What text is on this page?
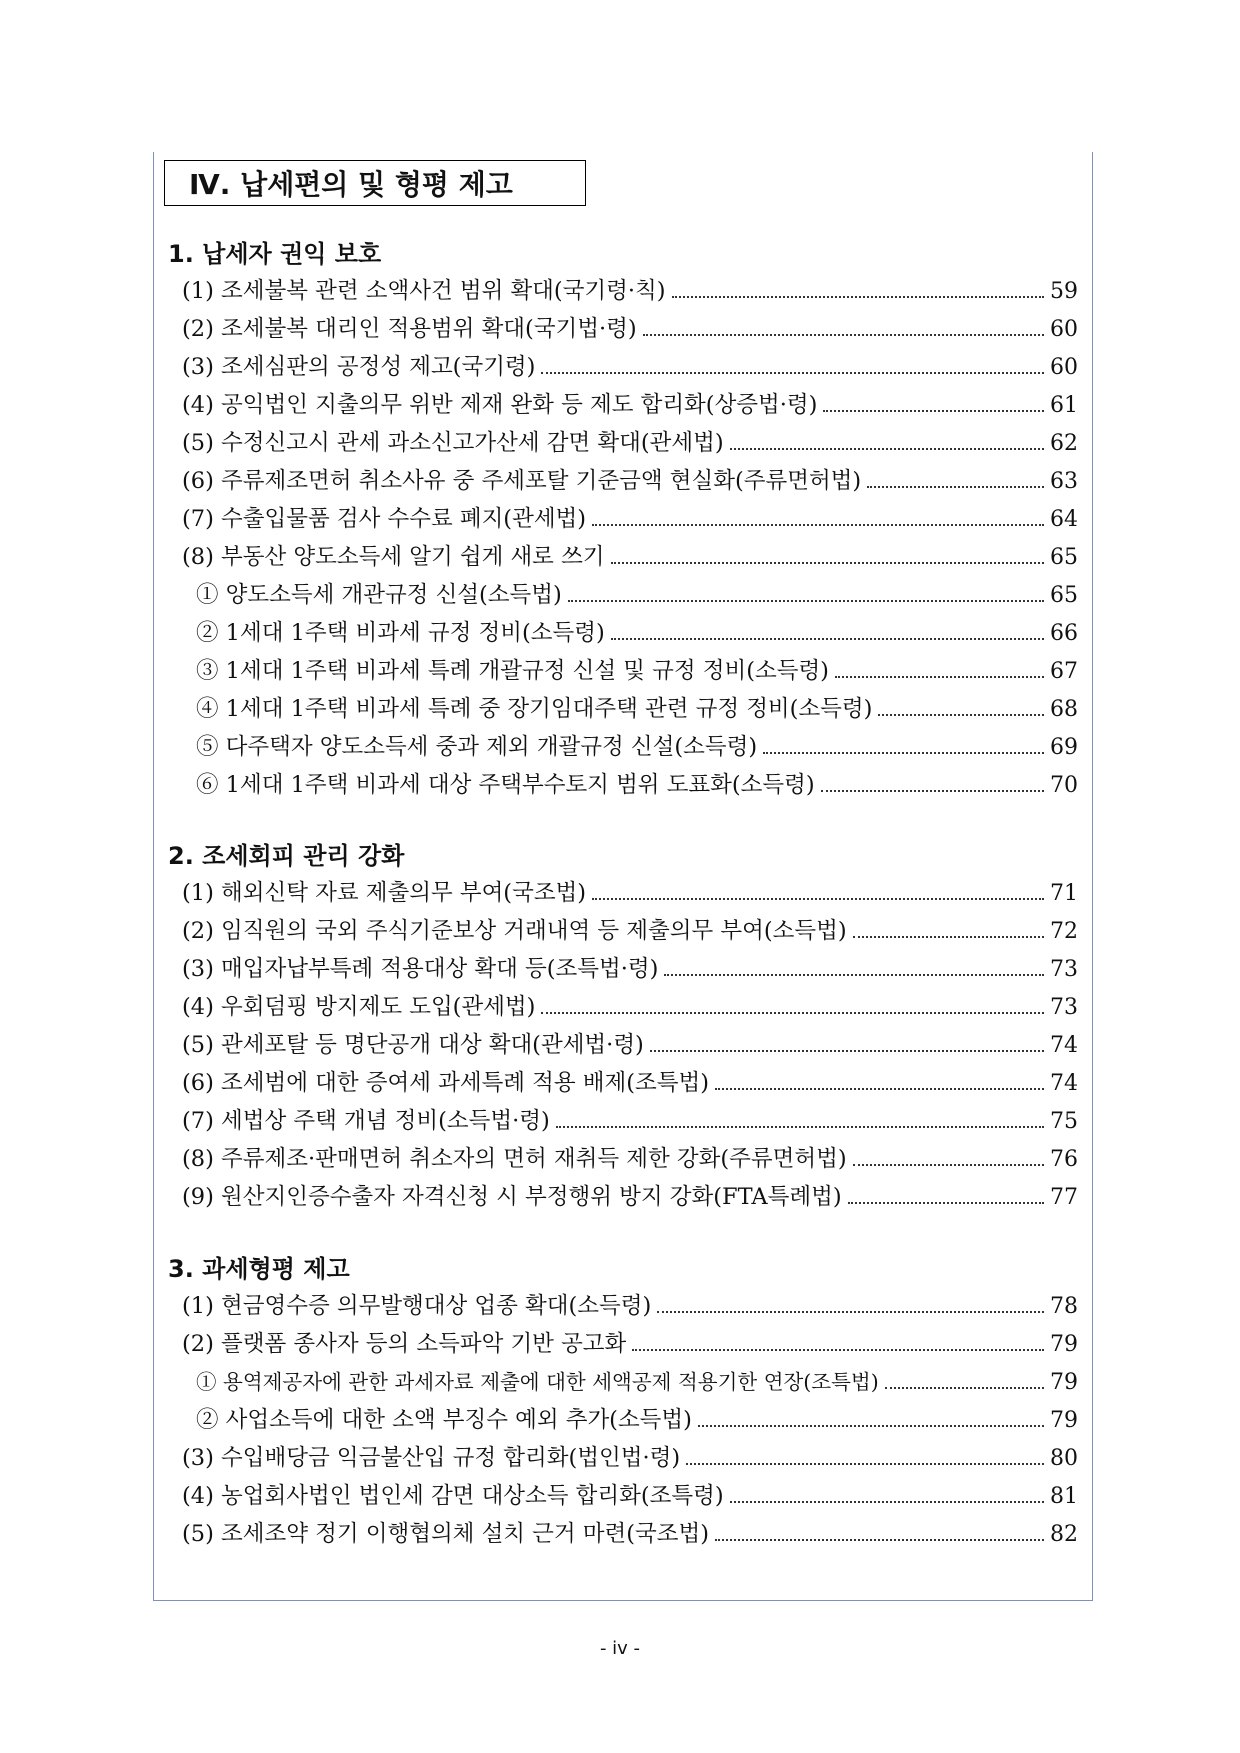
Ⅳ. 납세편의 및 형평 제고
1. 납세자 권익 보호
(1) 조세불복 관련 소액사건 범위 확대(국기령·칙)	59
(2) 조세불복 대리인 적용범위 확대(국기법·령)	60
(3) 조세심판의 공정성 제고(국기령)	60
(4) 공익법인 지출의무 위반 제재 완화 등 제도 합리화(상증법·령)	61
(5) 수정신고시 관세 과소신고가산세 감면 확대(관세법)	62
(6) 주류제조면허 취소사유 중 주세포탈 기준금액 현실화(주류면허법)	63
(7) 수출입물품 검사 수수료 폐지(관세법)	64
(8) 부동산 양도소득세 알기 쉽게 새로 쓰기	65
① 양도소득세 개관규정 신설(소득법)	65
② 1세대 1주택 비과세 규정 정비(소득령)	66
③ 1세대 1주택 비과세 특례 개괄규정 신설 및 규정 정비(소득령)	67
④ 1세대 1주택 비과세 특례 중 장기임대주택 관련 규정 정비(소득령)	68
⑤ 다주택자 양도소득세 중과 제외 개괄규정 신설(소득령)	69
⑥ 1세대 1주택 비과세 대상 주택부수토지 범위 도표화(소득령)	70
2. 조세회피 관리 강화
(1) 해외신탁 자료 제출의무 부여(국조법)	71
(2) 임직원의 국외 주식기준보상 거래내역 등 제출의무 부여(소득법)	72
(3) 매입자납부특례 적용대상 확대 등(조특법·령)	73
(4) 우회덤핑 방지제도 도입(관세법)	73
(5) 관세포탈 등 명단공개 대상 확대(관세법·령)	74
(6) 조세범에 대한 증여세 과세특례 적용 배제(조특법)	74
(7) 세법상 주택 개념 정비(소득법·령)	75
(8) 주류제조·판매면허 취소자의 면허 재취득 제한 강화(주류면허법)	76
(9) 원산지인증수출자 자격신청 시 부정행위 방지 강화(FTA특례법)	77
3. 과세형평 제고
(1) 현금영수증 의무발행대상 업종 확대(소득령)	78
(2) 플랫폼 종사자 등의 소득파악 기반 공고화	79
① 용역제공자에 관한 과세자료 제출에 대한 세액공제 적용기한 연장(조특법)	79
② 사업소득에 대한 소액 부징수 예외 추가(소득법)	79
(3) 수입배당금 익금불산입 규정 합리화(법인법·령)	80
(4) 농업회사법인 법인세 감면 대상소득 합리화(조특령)	81
(5) 조세조약 정기 이행협의체 설치 근거 마련(국조법)	82
- iv -
